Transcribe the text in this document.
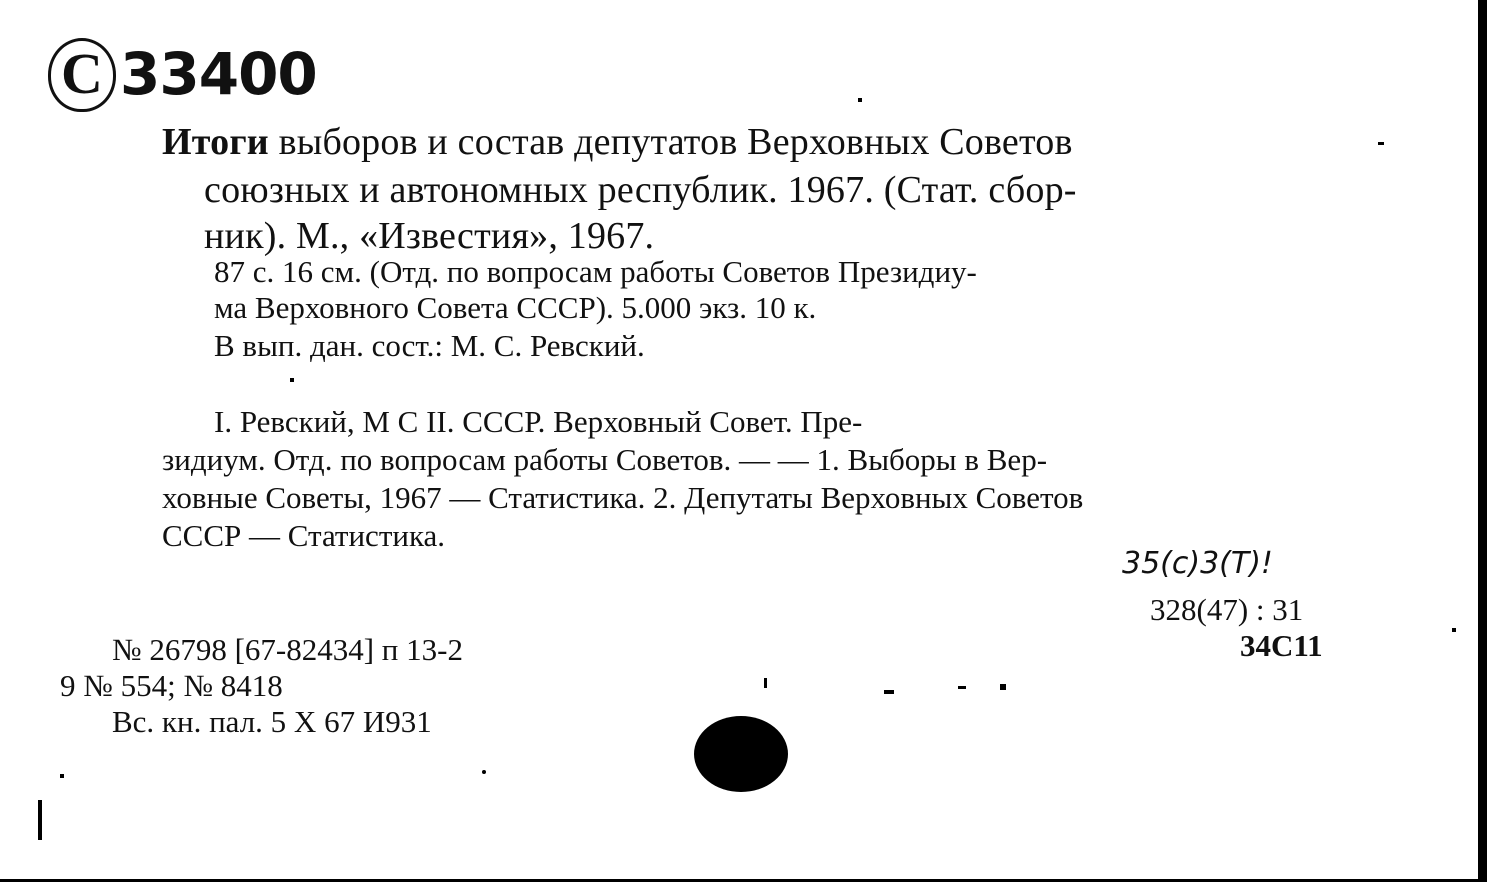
С 33400
Итоги выборов и состав депутатов Верховных Советов
союзных и автономных республик. 1967. (Стат. сбор-
ник). М., «Известия», 1967.
87 с. 16 см. (Отд. по вопросам работы Советов Президиу-
ма Верховного Совета СССР). 5.000 экз. 10 к.
В вып. дан. сост.: М. С. Ревский.
I. Ревский, М С II. СССР. Верховный Совет. Пре-
зидиум. Отд. по вопросам работы Советов. — — 1. Выборы в Вер-
ховные Советы, 1967 — Статистика. 2. Депутаты Верховных Советов
СССР — Статистика.
35(с)3(Т)!
328(47) : 31
34С11
№ 26798 [67-82434] п 13-2
9 № 554; № 8418
Вс. кн. пал. 5 X 67 И931
